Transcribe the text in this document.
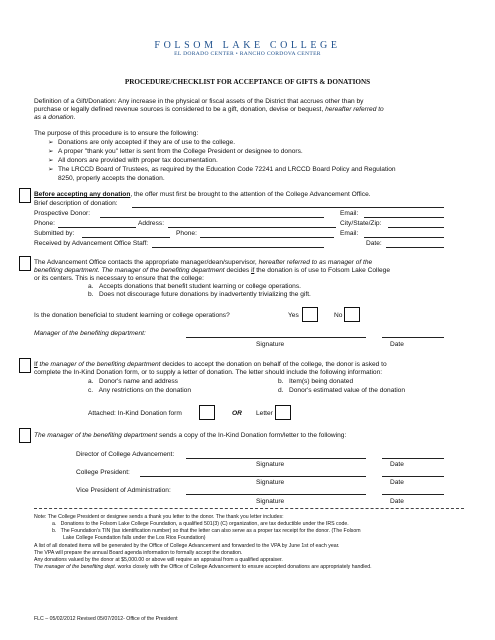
FOLSOM LAKE COLLEGE
EL DORADO CENTER • RANCHO CORDOVA CENTER
PROCEDURE/CHECKLIST FOR ACCEPTANCE OF GIFTS & DONATIONS
Definition of a Gift/Donation: Any increase in the physical or fiscal assets of the District that accrues other than by
purchase or legally defined revenue sources is considered to be a gift, donation, devise or bequest, hereafter referred to
as a donation.
The purpose of this procedure is to ensure the following:
➢ Donations are only accepted if they are of use to the college.
➢ A proper "thank you" letter is sent from the College President or designee to donors.
➢ All donors are provided with proper tax documentation.
➢ The LRCCD Board of Trustees, as required by the Education Code 72241 and LRCCD Board Policy and Regulation
8250, properly accepts the donation.
Before accepting any donation, the offer must first be brought to the attention of the College Advancement Office.
Brief description of donation:
Prospective Donor:	Email:
Phone:	Address:	City/State/Zip:
Submitted by:	Phone:	Email:
Received by Advancement Office Staff:	Date:
The Advancement Office contacts the appropriate manager/dean/supervisor, hereafter referred to as manager of the
benefiting department. The manager of the benefiting department decides if the donation is of use to Folsom Lake College
or its centers. This is necessary to ensure that the college:
a. Accepts donations that benefit student learning or college operations.
b. Does not discourage future donations by inadvertently trivializing the gift.
Is the donation beneficial to student learning or college operations?	Yes	No
Manager of the benefiting department:
Signature	Date
If the manager of the benefiting department decides to accept the donation on behalf of the college, the donor is asked to
complete the In-Kind Donation form, or to supply a letter of donation. The letter should include the following information:
a. Donor's name and address	b. Item(s) being donated
c. Any restrictions on the donation	d. Donor's estimated value of the donation
Attached: In-Kind Donation form	OR Letter
The manager of the benefiting department sends a copy of the In-Kind Donation form/letter to the following:
Director of College Advancement:
Signature	Date
College President:
Signature	Date
Vice President of Administration:
Signature	Date
Note: The College President or designee sends a thank you letter to the donor. The thank you letter includes:
a.   Donations to the Folsom Lake College Foundation, a qualified 501(3) (C) organization, are tax deductible under the IRS code.
b.   The Foundation's TIN (tax identification number) so that the letter can also serve as a proper tax receipt for the donor. (The Folsom
Lake College Foundation falls under the Los Rios Foundation)
A list of all donated items will be generated by the Office of College Advancement and forwarded to the VPA by June 1st of each year.
The VPA will prepare the annual Board agenda information to formally accept the donation.
Any donations valued by the donor at $5,000.00 or above will require an appraisal from a qualified appraiser.
The manager of the benefiting dept. works closely with the Office of College Advancement to ensure accepted donations are appropriately handled.
FLC – 05/02/2012 Revised 05/07/2012- Office of the President
